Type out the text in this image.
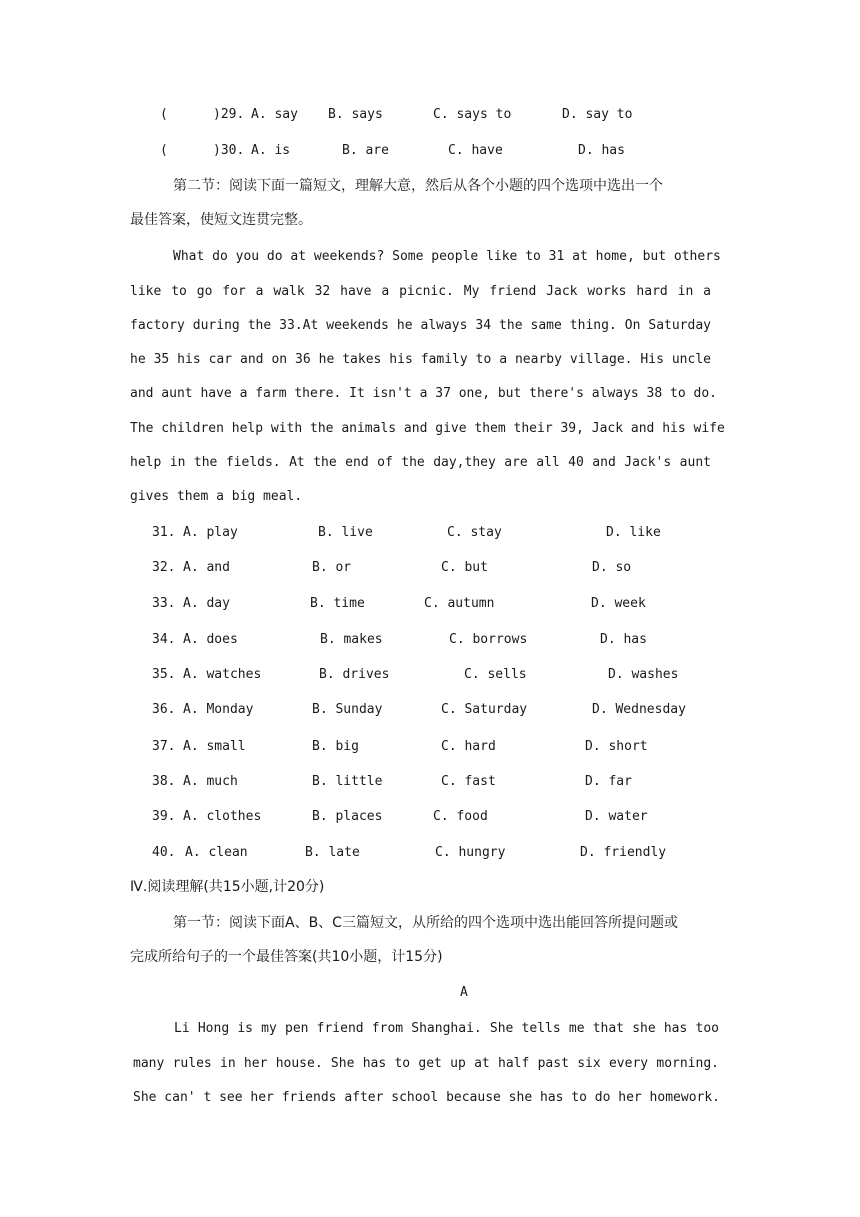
(	)29. A. say B. says	C. says to	D. say to
(	)30. A. is	B. are	C. have	D. has
第二节：阅读下面一篇短文，理解大意，然后从各个小题的四个选项中选出一个
最佳答案，使短文连贯完整。
What do you do at weekends? Some people like to 31 at home, but others
like to go for a walk 32 have a picnic. My friend Jack works hard in a
factory during the 33.At weekends he always 34 the same thing. On Saturday
he 35 his car and on 36 he takes his family to a nearby village. His uncle
and aunt have a farm there. It isn't a 37 one, but there's always 38 to do.
The children help with the animals and give them their 39, Jack and his wife
help in the fields. At the end of the day,they are all 40 and Jack's aunt
gives them a big meal.
31. A. play	B. live	C. stay	D. like
32. A. and	B. or	C. but	D. so
33. A. day	B. time	C. autumn	D. week
34. A. does	B. makes	C. borrows	D. has
35. A. watches	B. drives	C. sells	D. washes
36. A. Monday	B. Sunday	C. Saturday	D. Wednesday
37. A. small	B. big	C. hard	D. short
38. A. much	B. little	C. fast	D. far
39. A. clothes	B. places	C. food	D. water
40. A. clean	B. late	C. hungry	D. friendly
Ⅳ.阅读理解(共15小题,计20分)
第一节：阅读下面A、B、C三篇短文，从所给的四个选项中选出能回答所提问题或
完成所给句子的一个最佳答案(共10小题，计15分)
A
Li Hong is my pen friend from Shanghai. She tells me that she has too
many rules in her house. She has to get up at half past six every morning.
She can' t see her friends after school because she has to do her homework.
